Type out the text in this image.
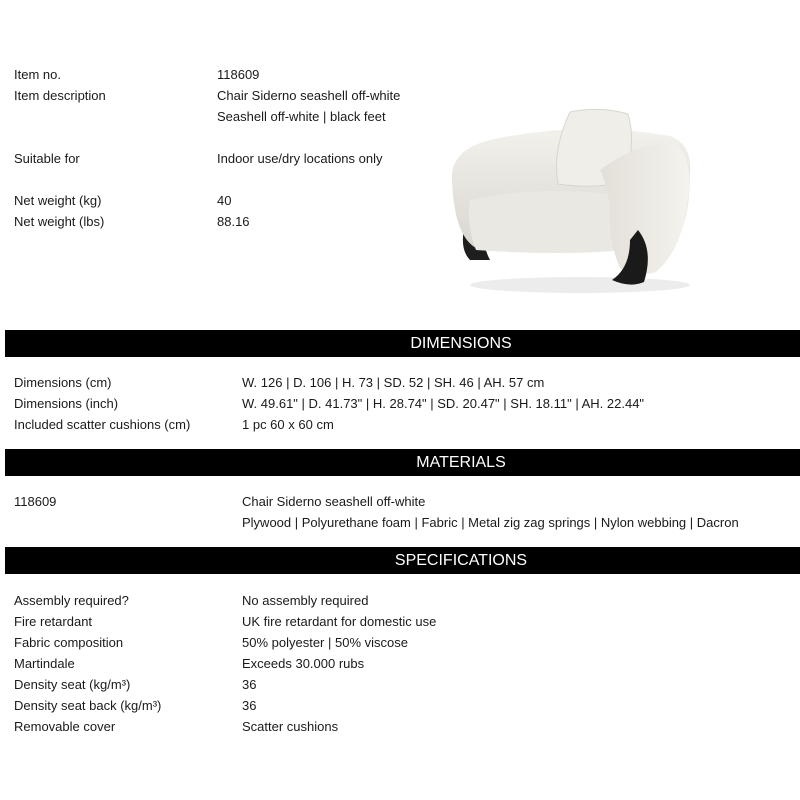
Item no.	118609
Item description	Chair Siderno seashell off-white
Seashell off-white | black feet
Suitable for	Indoor use/dry locations only
Net weight (kg)	40
Net weight (lbs)	88.16
DIMENSIONS
Dimensions (cm)	W. 126 | D. 106 | H. 73 | SD. 52 | SH. 46 | AH. 57 cm
Dimensions (inch)	W. 49.61" | D. 41.73" | H. 28.74" | SD. 20.47" | SH. 18.11" | AH. 22.44"
Included scatter cushions (cm)	1 pc 60 x 60 cm
MATERIALS
118609	Chair Siderno seashell off-white
Plywood | Polyurethane foam | Fabric | Metal zig zag springs | Nylon webbing | Dacron
SPECIFICATIONS
Assembly required?	No assembly required
Fire retardant	UK fire retardant for domestic use
Fabric composition	50% polyester | 50% viscose
Martindale	Exceeds 30.000 rubs
Density seat (kg/m³)	36
Density seat back (kg/m³)	36
Removable cover	Scatter cushions
